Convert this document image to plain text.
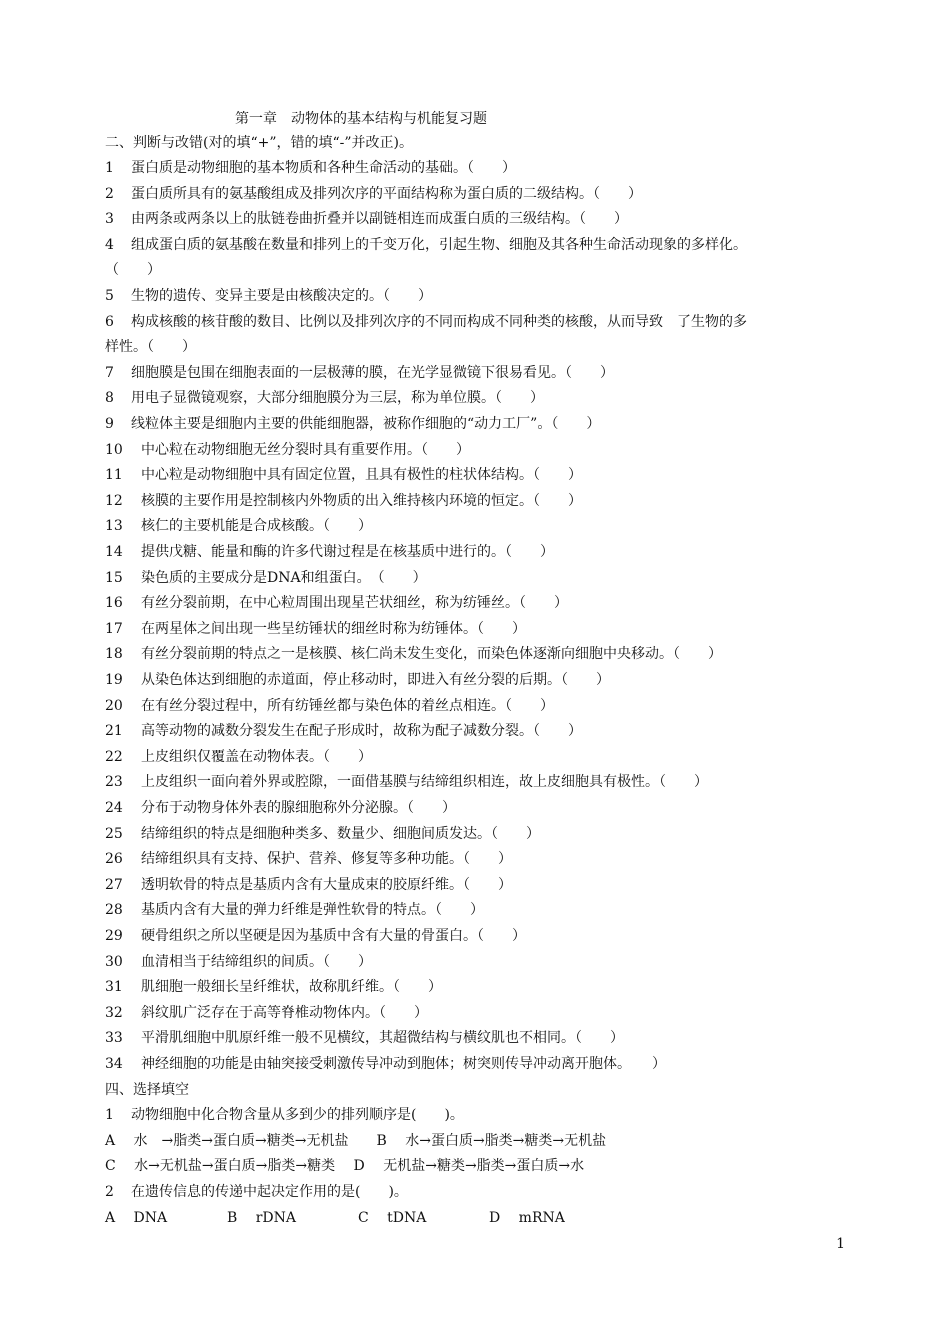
第一章　动物体的基本结构与机能复习题
二、判断与改错(对的填“+”，错的填“-”并改正)。
1 蛋白质是动物细胞的基本物质和各种生命活动的基础。（　　）
2 蛋白质所具有的氨基酸组成及排列次序的平面结构称为蛋白质的二级结构。（　　）
3 由两条或两条以上的肽链卷曲折叠并以副链相连而成蛋白质的三级结构。（　　）
4 组成蛋白质的氨基酸在数量和排列上的千变万化，引起生物、细胞及其各种生命活动现象的多样化。
（　　）
5 生物的遗传、变异主要是由核酸决定的。（　　）
6 构成核酸的核苷酸的数目、比例以及排列次序的不同而构成不同种类的核酸，从而导致　了生物的多
样性。（　　）
7 细胞膜是包围在细胞表面的一层极薄的膜，在光学显微镜下很易看见。（　　）
8 用电子显微镜观察，大部分细胞膜分为三层，称为单位膜。（　　）
9 线粒体主要是细胞内主要的供能细胞器，被称作细胞的“动力工厂”。（　　）
10 中心粒在动物细胞无丝分裂时具有重要作用。（　　）
11 中心粒是动物细胞中具有固定位置，且具有极性的柱状体结构。（　　）
12 核膜的主要作用是控制核内外物质的出入维持核内环境的恒定。（　　）
13 核仁的主要机能是合成核酸。（　　）
14 提供戊糖、能量和酶的许多代谢过程是在核基质中进行的。（　　）
15 染色质的主要成分是DNA和组蛋白。　（　　）
16 有丝分裂前期，在中心粒周围出现星芒状细丝，称为纺锤丝。（　　）
17 在两星体之间出现一些呈纺锤状的细丝时称为纺锤体。（　　）
18 有丝分裂前期的特点之一是核膜、核仁尚未发生变化，而染色体逐渐向细胞中央移动。（　　）
19 从染色体达到细胞的赤道面，停止移动时，即进入有丝分裂的后期。（　　）
20 在有丝分裂过程中，所有纺锤丝都与染色体的着丝点相连。（　　）
21 高等动物的减数分裂发生在配子形成时，故称为配子减数分裂。（　　）
22 上皮组织仅覆盖在动物体表。（　　）
23 上皮组织一面向着外界或腔隙，一面借基膜与结缔组织相连，故上皮细胞具有极性。（　　）
24 分布于动物身体外表的腺细胞称外分泌腺。（　　）
25 结缔组织的特点是细胞种类多、数量少、细胞间质发达。（　　）
26 结缔组织具有支持、保护、营养、修复等多种功能。（　　）
27 透明软骨的特点是基质内含有大量成束的胶原纤维。（　　）
28 基质内含有大量的弹力纤维是弹性软骨的特点。（　　）
29 硬骨组织之所以坚硬是因为基质中含有大量的骨蛋白。（　　）
30 血清相当于结缔组织的间质。（　　）
31 肌细胞一般细长呈纤维状，故称肌纤维。（　　）
32 斜纹肌广泛存在于高等脊椎动物体内。（　　）
33 平滑肌细胞中肌原纤维一般不见横纹，其超微结构与横纹肌也不相同。（　　）
34 神经细胞的功能是由轴突接受刺激传导冲动到胞体；树突则传导冲动离开胞体。　　）
四、选择填空
1 动物细胞中化合物含量从多到少的排列顺序是(　　)。
A　 水　→脂类→蛋白质→糖类→无机盐　　B　 水→蛋白质→脂类→糖类→无机盐
C　 水→无机盐→蛋白质→脂类→糖类　 D　 无机盐→糖类→脂类→蛋白质→水
2 在遗传信息的传递中起决定作用的是(　　)。
A　 DNA	B　 rDNA	C　 tDNA	D　 mRNA
1
